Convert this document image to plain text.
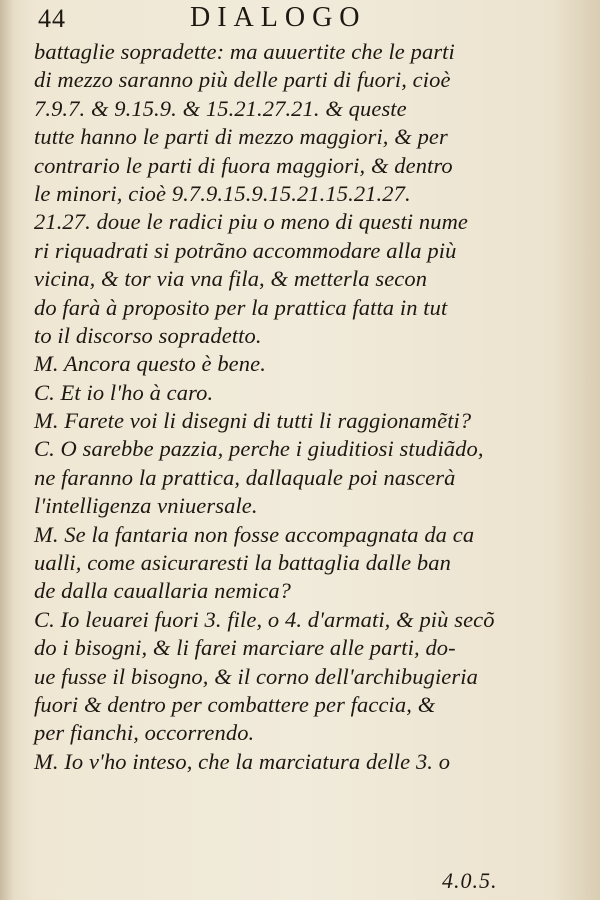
44	DIALOGO
battaglie sopradette: ma auuertite che le parti
di mezzo saranno più delle parti di fuori, cioè
7.9.7. & 9.15.9. & 15.21.27.21. & queste
tutte hanno le parti di mezzo maggiori, & per
contrario le parti di fuora maggiori, & dentro
le minori, cioè 9.7.9.15.9.15.21.15.21.27.
21.27. doue le radici piu o meno di questi nume
ri riquadrati si potrãno accommodare alla più
vicina, & tor via vna fila, & metterla secon
do farà à proposito per la prattica fatta in tut
to il discorso sopradetto.
M. Ancora questo è bene.
C. Et io l'ho à caro.
M. Farete voi li disegni di tutti li raggionamẽti?
C. O sarebbe pazzia, perche i giuditiosi studiãdo,
ne faranno la prattica, dallaquale poi nascerà
l'intelligenza vniuersale.
M. Se la fantaria non fosse accompagnata da ca
ualli, come asicuraresti la battaglia dalle ban
de dalla cauallaria nemica?
C. Io leuarei fuori 3. file, o 4. d'armati, & più secõ
do i bisogni, & li farei marciare alle parti, do-
ue fusse il bisogno, & il corno dell'archibugieria
fuori & dentro per combattere per faccia, &
per fianchi, occorrendo.
M. Io v'ho inteso, che la marciatura delle 3. o
4.0.5.
